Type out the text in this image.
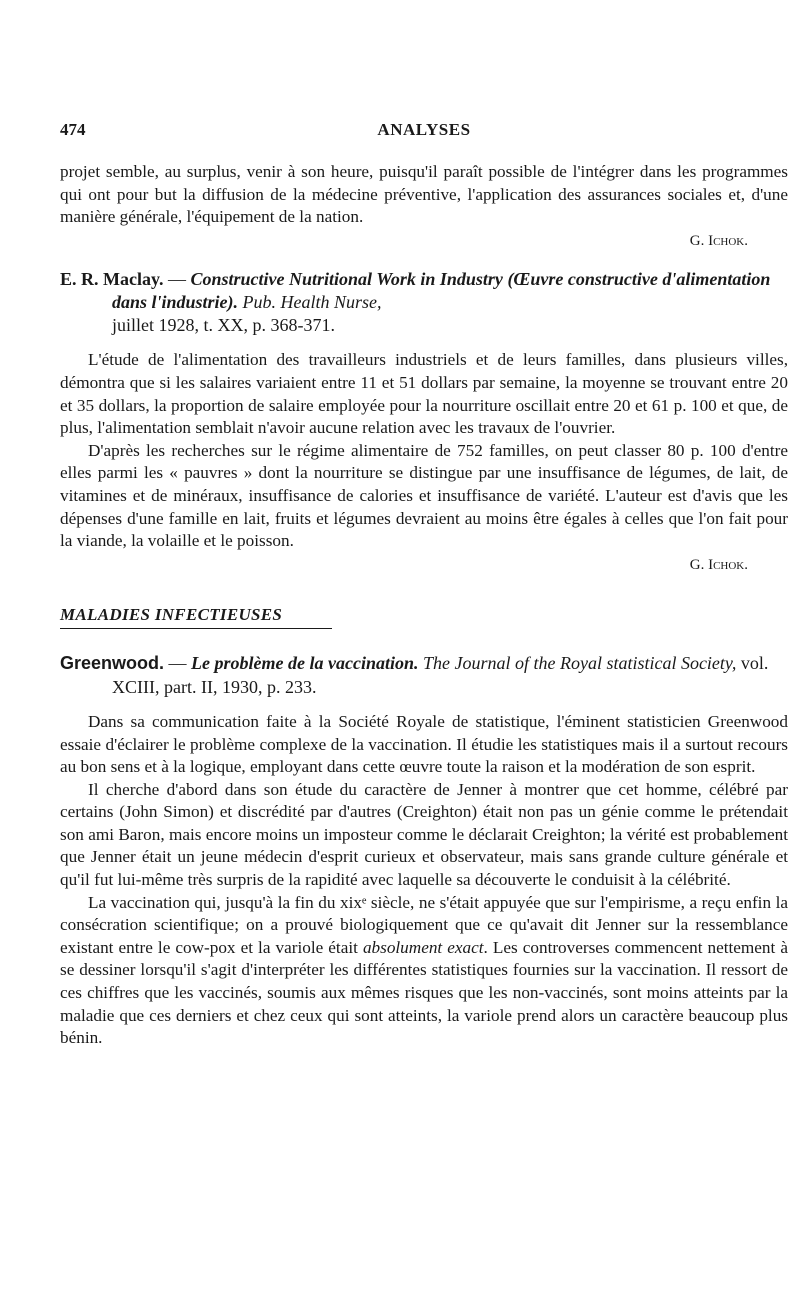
474	ANALYSES

projet semble, au surplus, venir à son heure, puisqu'il paraît possible de l'intégrer dans les programmes qui ont pour but la diffusion de la médecine préventive, l'application des assurances sociales et, d'une manière générale, l'équipement de la nation.

G. Ichok.

E. R. Maclay. — Constructive Nutritional Work in Industry (Œuvre constructive d'alimentation dans l'industrie). Pub. Health Nurse,
juillet 1928, t. XX, p. 368-371.

L'étude de l'alimentation des travailleurs industriels et de leurs familles, dans plusieurs villes, démontra que si les salaires variaient entre 11 et 51 dollars par semaine, la moyenne se trouvant entre 20 et 35 dollars, la proportion de salaire employée pour la nourriture oscillait entre 20 et 61 p. 100 et que, de plus, l'alimentation semblait n'avoir aucune relation avec les travaux de l'ouvrier.

D'après les recherches sur le régime alimentaire de 752 familles, on peut classer 80 p. 100 d'entre elles parmi les « pauvres » dont la nourriture se distingue par une insuffisance de légumes, de lait, de vitamines et de minéraux, insuffisance de calories et insuffisance de variété. L'auteur est d'avis que les dépenses d'une famille en lait, fruits et légumes devraient au moins être égales à celles que l'on fait pour la viande, la volaille et le poisson.

G. Ichok.

MALADIES INFECTIEUSES

Greenwood. — Le problème de la vaccination. The Journal of the Royal statistical Society, vol. XCIII, part. II, 1930, p. 233.

Dans sa communication faite à la Société Royale de statistique, l'éminent statisticien Greenwood essaie d'éclairer le problème complexe de la vaccination. Il étudie les statistiques mais il a surtout recours au bon sens et à la logique, employant dans cette œuvre toute la raison et la modération de son esprit.

Il cherche d'abord dans son étude du caractère de Jenner à montrer que cet homme, célébré par certains (John Simon) et discrédité par d'autres (Creighton) était non pas un génie comme le prétendait son ami Baron, mais encore moins un imposteur comme le déclarait Creighton; la vérité est probablement que Jenner était un jeune médecin d'esprit curieux et observateur, mais sans grande culture générale et qu'il fut lui-même très surpris de la rapidité avec laquelle sa découverte le conduisit à la célébrité.

La vaccination qui, jusqu'à la fin du xixᵉ siècle, ne s'était appuyée que sur l'empirisme, a reçu enfin la consécration scientifique; on a prouvé biologiquement que ce qu'avait dit Jenner sur la ressemblance existant entre le cow-pox et la variole était absolument exact. Les controverses commencent nettement à se dessiner lorsqu'il s'agit d'interpréter les différentes statistiques fournies sur la vaccination. Il ressort de ces chiffres que les vaccinés, soumis aux mêmes risques que les non-vaccinés, sont moins atteints par la maladie que ces derniers et chez ceux qui sont atteints, la variole prend alors un caractère beaucoup plus bénin.
